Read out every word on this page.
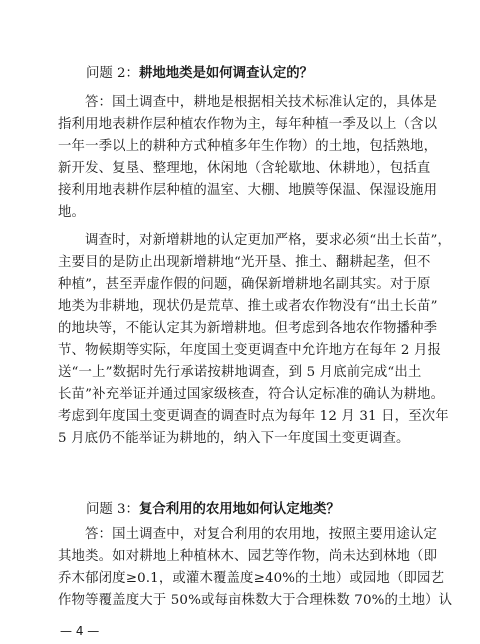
问题 2：耕地地类是如何调查认定的？
答：国土调查中，耕地是根据相关技术标准认定的，具体是
指利用地表耕作层种植农作物为主，每年种植一季及以上（含以
一年一季以上的耕种方式种植多年生作物）的土地，包括熟地，
新开发、复垦、整理地，休闲地（含轮歇地、休耕地），包括直
接利用地表耕作层种植的温室、大棚、地膜等保温、保湿设施用
地。
调查时，对新增耕地的认定更加严格，要求必须“出土长苗”，
主要目的是防止出现新增耕地“光开垦、推土、翻耕起垄，但不
种植”，甚至弄虚作假的问题，确保新增耕地名副其实。对于原
地类为非耕地，现状仍是荒草、推土或者农作物没有“出土长苗”
的地块等，不能认定其为新增耕地。但考虑到各地农作物播种季
节、物候期等实际，年度国土变更调查中允许地方在每年 2 月报
送“一上”数据时先行承诺按耕地调查，到 5 月底前完成“出土
长苗”补充举证并通过国家级核查，符合认定标准的确认为耕地。
考虑到年度国土变更调查的调查时点为每年 12 月 31 日，至次年
5 月底仍不能举证为耕地的，纳入下一年度国土变更调查。
问题 3：复合利用的农用地如何认定地类？
答：国土调查中，对复合利用的农用地，按照主要用途认定
其地类。如对耕地上种植林木、园艺等作物，尚未达到林地（即
乔木郁闭度≥0.1，或灌木覆盖度≥40%的土地）或园地（即园艺
作物等覆盖度大于 50%或每亩株数大于合理株数 70%的土地）认
— 4 —
